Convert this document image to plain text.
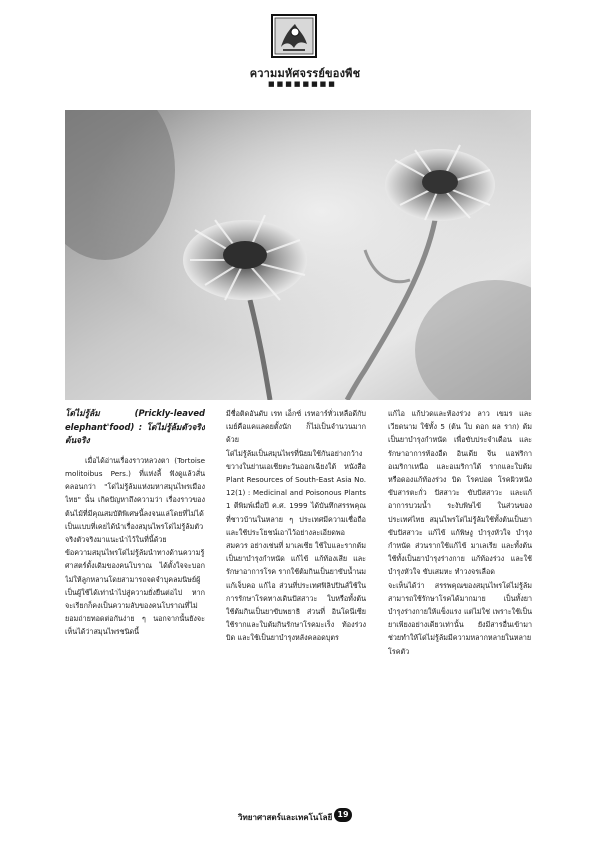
ความมหัศจรรย์ของพืช
■■■■■■■■

โด่ไม่รู้ล้ม (Prickly-leaved elephant'food) : โด่ไม่รู้ล้มตัวจริง ต้นจริง

เมื่อได้อ่านเรื่องราวหลวงตา (Tortoise molitoibus Pers.) ที่แห่งลี้ ฟังดูแล้วสั่นคลอนกว่า "โด่ไม่รู้ล้มแห่งมหาสมุนไพรเมืองไทย" นั้น เกิดปัญหาถึงความว่า เรื่องราวของต้นไม้ที่มีคุณสมบัติพิเศษนี้ลงจนแล่โดยที่ไม่ได้เป็นแบบที่เคยได้นำเรื่องสมุนไพรโด่ไม่รู้ล้มตัวจริงตัวจริงมาแนะนำไว้ในที่นี้ด้วย
ข้อความสมุนไพรโด่ไม่รู้ล้มนำทางด้านความรู้ศาสตร์ดั้งเดิมของคนโบราณ ได้ตั้งใจจะบอกไม่ให้ลูกหลานโดยสามารถจดจำบุคลมนิษย์ผู้เป็นผู้ใช้ได้เท่านำไปสู่ความยั่งยืนต่อไป หากจะเรียกก็คงเป็นความลับของคนโบราณที่ไม่ยอมถ่ายทอดต่อกันง่าย ๆ นอกจากนั้นยังจะเห็นได้ว่าสมุนไพรชนิดนี้

มีชื่อติดอันดับ เรท เอ็กซ์ เรทอาร์ทั่วเหลือดีกับเมย์คือแคแลดยตั้งนัก ก็ไม่เป็นจำนวนมากด้วย
โด่ไม่รู้ล้มเป็นสมุนไพรที่นิยมใช้กันอย่างกว้างขวางในย่านเอเชียตะวันออกเฉียงใต้ หนังสือ Plant Resources of South-East Asia No. 12(1) : Medicinal and Poisonous Plants 1 ตีพิมพ์เมื่อปี ค.ศ. 1999 ได้บันทึกสรรพคุณที่ชาวบ้านในหลาย ๆ ประเทศมีความเชื่อถือและใช้ประโยชน์เอาไว้อย่างละเอียดพอสมควร อย่างเช่นที่ มาเลเซีย ใช้ใบและรากต้มเป็นยาบำรุงกำหนัด แก้ไข้ แก้ท้องเสีย และรักษาอาการโรค รากใช้ต้มกินเป็นยาขับน้ำนม แก้เจ็บคอ แก้ไอ ส่วนที่ประเทศฟิลิปปินส์ใช้ในการรักษาโรคทางเดินปัสสาวะ ใบหรือทั้งต้นใช้ต้มกินเป็นยาขับพยาธิ ส่วนที่ อินโดนีเซีย ใช้รากและใบต้มกินรักษาโรคมะเร็ง ท้องร่วง บิด และใช้เป็นยาบำรุงหลังคลอดบุตร

แก้ไอ แก้ปวดและท้องร่วง ลาว เขมร และเวียดนาม ใช้ทั้ง 5 (ต้น ใบ ดอก ผล ราก) ต้มเป็นยาบำรุงกำหนัด เพื่อขับประจำเดือน และรักษาอาการท้องอืด อินเดีย จีน แอฟริกา อเมริกาเหนือ และอเมริกาใต้ รากและใบต้มหรือดองแก้ท้องร่วง บิด โรคปอด โรคผิวหนัง ขับสารตะกั่ว ปัสสาวะ ขับปัสสาวะ และแก้อาการบวมน้ำ ระงับพิษไข้ ในส่วนของประเทศไทย สมุนไพรโด่ไม่รู้ล้มใช้ทั้งต้นเป็นยาขับปัสสาวะ แก้ไข้ แก้พิษงู บำรุงหัวใจ บำรุงกำหนัด ส่วนรากใช้แก้ไข้ มาเลเรีย และทั้งต้นใช้ทั้งเป็นยาบำรุงร่างกาย แก้ท้องร่วง และใช้บำรุงหัวใจ ขับเสมหะ ทำวงจรเลือด
จะเห็นได้ว่า สรรพคุณของสมุนไพรโด่ไม่รู้ล้มสามารถใช้รักษาโรคได้มากมาย เป็นทั้งยาบำรุงร่างกายให้แข็งแรง แต่ไม่ใช่ เพราะใช้เป็นยาเพียงอย่างเดียวเท่านั้น ยังมีสารอื่นเข้ามาช่วยทำให้โด่ไม่รู้ล้มมีความหลากหลายในหลายโรคตัว

วิทยาศาสตร์และเทคโนโลยี 19
